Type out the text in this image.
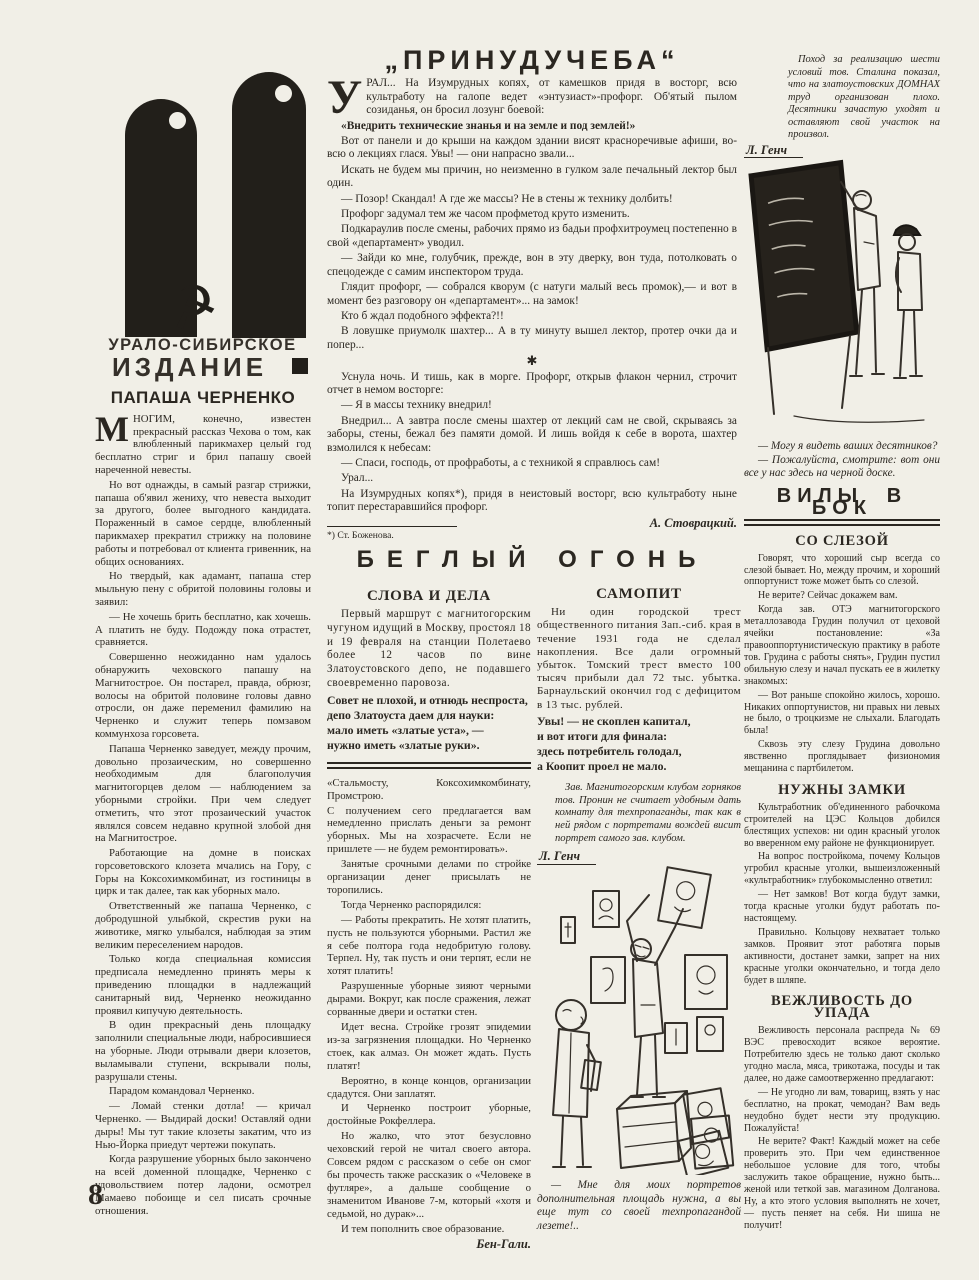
☭
УРАЛО-СИБИРСКОЕ
ИЗДАНИЕ
ПАПАША ЧЕРНЕНКО

МНОГИМ, конечно, известен прекрасный рассказ Чехова о том, как влюбленный парикмахер целый год бесплатно стриг и брил папашу своей нареченной невесты.

Но вот однажды, в самый разгар стрижки, папаша об'явил жениху, что невеста выходит за другого, более выгодного кандидата. Пораженный в самое сердце, влюбленный парикмахер прекратил стрижку на половине работы и потребовал от клиента гривенник, на общих основаниях.

Но твердый, как адамант, папаша стер мыльную пену с обритой половины головы и заявил:

— Не хочешь брить бесплатно, как хочешь. А платить не буду. Подожду пока отрастет, сравняется.

Совершенно неожиданно нам удалось обнаружить чеховского папашу на Магнитострое. Он постарел, правда, обрюзг, волосы на обритой половине головы давно отросли, он даже переменил фамилию на Черненко и служит теперь помзавом коммунхоза горсовета.

Папаша Черненко заведует, между прочим, довольно прозаическим, но совершенно необходимым для благополучия магнитогорцев делом — наблюдением за уборными стройки. При чем следует отметить, что этот прозаический участок являлся совсем недавно крупной злобой дня на Магнитострое.

Работающие на домне в поисках горсоветовского клозета мчались на Гору, с Горы на Коксохимкомбинат, из гостиницы в цирк и так далее, так как уборных мало.

Ответственный же папаша Черненко, с добродушной улыбкой, скрестив руки на животике, мягко улыбался, наблюдая за этим великим переселением народов.

Только когда специальная комиссия предписала немедленно принять меры к приведению площадки в надлежащий санитарный вид, Черненко неожиданно проявил кипучую деятельность.

В один прекрасный день площадку заполнили специальные люди, набросившиеся на уборные. Люди отрывали двери клозетов, выламывали ступени, вскрывали полы, разрушали стены.

Парадом командовал Черненко.

— Ломай стенки дотла! — кричал Черненко. — Выдирай доски! Оставляй одни дыры! Мы тут такие клозеты закатим, что из Нью-Йорка приедут чертежи покупать.

Когда разрушение уборных было закончено на всей доменной площадке, Черненко с удовольствием потер ладони, осмотрел Мамаево побоище и сел писать срочные отношения.

8
„ПРИНУДУЧЕБА“

УРАЛ... На Изумрудных копях, от камешков придя в восторг, всю культработу на галопе ведет «энтузиаст»-профорг. Об'ятый пылом созиданья, он бросил лозунг боевой:

«Внедрить технические знанья и на земле и под землей!»

Вот от панели и до крыши на каждом здании висят красноречивые афиши, во-всю о лекциях глася. Увы! — они напрасно звали...

Искать не будем мы причин, но неизменно в гулком зале печальный лектор был один.

— Позор! Скандал! А где же массы? Не в стены ж технику долбить!

Профорг задумал тем же часом профметод круто изменить.

Подкараулив после смены, рабочих прямо из бадьи профхитроумец постепенно в свой «департамент» уводил.

— Зайди ко мне, голубчик, прежде, вон в эту дверку, вон туда, потолковать о спецодежде с самим инспектором труда.

Глядит профорг, — собрался кворум (с натуги малый весь промок),— и вот в момент без разговору он «департамент»... на замок!

Кто б ждал подобного эффекта?!!

В ловушке приумолк шахтер... А в ту минуту вышел лектор, протер очки да и попер...

✱

Уснула ночь. И тишь, как в морге. Профорг, открыв флакон чернил, строчит отчет в немом восторге:

— Я в массы технику внедрил!

Внедрил... А завтра после смены шахтер от лекций сам не свой, скрываясь за заборы, стены, бежал без памяти домой. И лишь войдя к себе в ворота, шахтер взмолился к небесам:

— Спаси, господь, от профработы, а с техникой я справлюсь сам!

Урал...

На Изумрудных копях*), придя в неистовый восторг, всю культработу ныне топит перестаравшийся профорг.

А. Стоврацкий.
*) Ст. Боженова.
БЕГЛЫЙ ОГОНЬ
СЛОВА И ДЕЛА

Первый маршрут с магнитогорским чугуном идущий в Москву, простоял 18 и 19 февраля на станции Полетаево более 12 часов по вине Златоустовского депо, не подавшего своевременно паровоза.

Совет не плохой, и отнюдь неспроста,
депо Златоуста даем для науки:
мало иметь «златые уста», —
нужно иметь «златые руки».

«Стальмосту, Коксохимкомбинату, Промстрою.

С получением сего предлагается вам немедленно прислать деньги за ремонт уборных. Мы на хозрасчете. Если не пришлете — не будем ремонтировать».

Занятые срочными делами по стройке организации денег присылать не торопились.

Тогда Черненко распорядился:

— Работы прекратить. Не хотят платить, пусть не пользуются уборными. Растил же я себе полтора года недобритую голову. Терпел. Ну, так пусть и они терпят, если не хотят платить!

Разрушенные уборные зияют черными дырами. Вокруг, как после сражения, лежат сорванные двери и остатки стен.

Идет весна. Стройке грозят эпидемии из-за загрязнения площадки. Но Черненко стоек, как алмаз. Он может ждать. Пусть платят!

Вероятно, в конце концов, организации сдадутся. Они заплатят.

И Черненко построит уборные, достойные Рокфеллера.

Но жалко, что этот безусловно чеховский герой не читал своего автора. Совсем рядом с рассказом о себе он смог бы прочесть также рассказик о «Человеке в футляре», а дальше сообщение о знаменитом Иванове 7-м, который «хотя и седьмой, но дурак»...

И тем пополнить свое образование.

Бен-Гали.
САМОПИТ

Ни один городской трест общественного питания Зап.-сиб. края в течение 1931 года не сделал накопления. Все дали огромный убыток. Томский трест вместо 100 тысяч прибыли дал 72 тыс. убытка. Барнаульский окончил год с дефицитом в 13 тыс. рублей.

Увы! — не скоплен капитал,
и вот итоги для финала:
здесь потребитель голодал,
а Коопит проел не мало.
Зав. Магнитогорским клубом горняков тов. Пронин не считает удобным дать комнату для техпропаганды, так как в ней рядом с портретами вождей висит портрет самого зав. клубом.
Л. Генч
— Мне для моих портретов дополнительная площадь нужна, а вы еще тут со своей техпропагандой лезете!..
Поход за реализацию шести условий тов. Сталина показал, что на златоустовских ДОМНАХ труд организован плохо. Десятники зачастую уходят и оставляют свой участок на произвол.
Л. Генч

— Могу я видеть ваших десятников?

— Пожалуйста, смотрите: вот они все у нас здесь на черной доске.

ВИЛЫ В БОК
СО СЛЕЗОЙ

Говорят, что хороший сыр всегда со слезой бывает. Но, между прочим, и хороший оппортунист тоже может быть со слезой.

Не верите? Сейчас докажем вам.

Когда зав. ОТЭ магнитогорского металлозавода Грудин получил от цеховой ячейки постановление: «За правооппортунистическую практику в работе тов. Грудина с работы снять», Грудин пустил обильную слезу и начал пускать ее в жилетку знакомых:

— Вот раньше спокойно жилось, хорошо. Никаких оппортунистов, ни правых ни левых не было, о троцкизме не слыхали. Благодать была!

Сквозь эту слезу Грудина довольно явственно проглядывает физиономия мещанина с партбилетом.

НУЖНЫ ЗАМКИ

Культработник об'единенного рабочкома строителей на ЦЭС Кольцов добился блестящих успехов: ни один красный уголок во вверенном ему районе не функционирует.

На вопрос постройкома, почему Кольцов угробил красные уголки, вышеизложенный «культработник» глубокомысленно ответил:

— Нет замков! Вот когда будут замки, тогда красные уголки будут работать по-настоящему.

Правильно. Кольцову нехватает только замков. Проявит этот работяга порыв активности, достанет замки, запрет на них красные уголки окончательно, и тогда дело будет в шляпе.

ВЕЖЛИВОСТЬ ДО УПАДА

Вежливость персонала распреда № 69 ВЭС превосходит всякое вероятие. Потребителю здесь не только дают сколько угодно масла, мяса, трикотажа, посуды и так далее, но даже самоотверженно предлагают:

— Не угодно ли вам, товарищ, взять у нас бесплатно, на прокат, чемодан? Вам ведь неудобно будет нести эту продукцию. Пожалуйста!

Не верите? Факт! Каждый может на себе проверить это. При чем единственное небольшое условие для того, чтобы заслужить такое обращение, нужно быть... женой или теткой зав. магазином Долганова. Ну, а кто этого условия выполнять не хочет, — пусть пеняет на себя. Ни шиша не получит!
